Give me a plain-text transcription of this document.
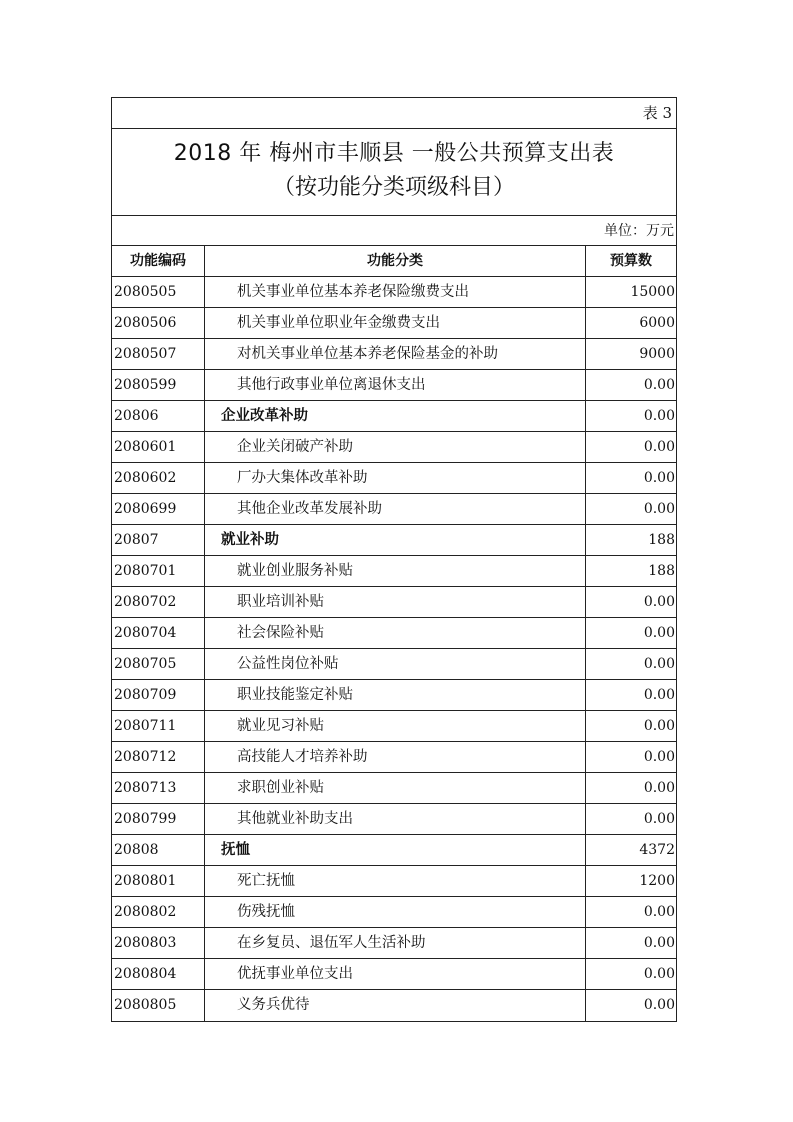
表 3
2018 年 梅州市丰顺县 一般公共预算支出表
（按功能分类项级科目）
单位：万元
功能编码	功能分类	预算数
2080505	机关事业单位基本养老保险缴费支出	15000
2080506	机关事业单位职业年金缴费支出	6000
2080507	对机关事业单位基本养老保险基金的补助	9000
2080599	其他行政事业单位离退休支出	0.00
20806	企业改革补助	0.00
2080601	企业关闭破产补助	0.00
2080602	厂办大集体改革补助	0.00
2080699	其他企业改革发展补助	0.00
20807	就业补助	188
2080701	就业创业服务补贴	188
2080702	职业培训补贴	0.00
2080704	社会保险补贴	0.00
2080705	公益性岗位补贴	0.00
2080709	职业技能鉴定补贴	0.00
2080711	就业见习补贴	0.00
2080712	高技能人才培养补助	0.00
2080713	求职创业补贴	0.00
2080799	其他就业补助支出	0.00
20808	抚恤	4372
2080801	死亡抚恤	1200
2080802	伤残抚恤	0.00
2080803	在乡复员、退伍军人生活补助	0.00
2080804	优抚事业单位支出	0.00
2080805	义务兵优待	0.00
